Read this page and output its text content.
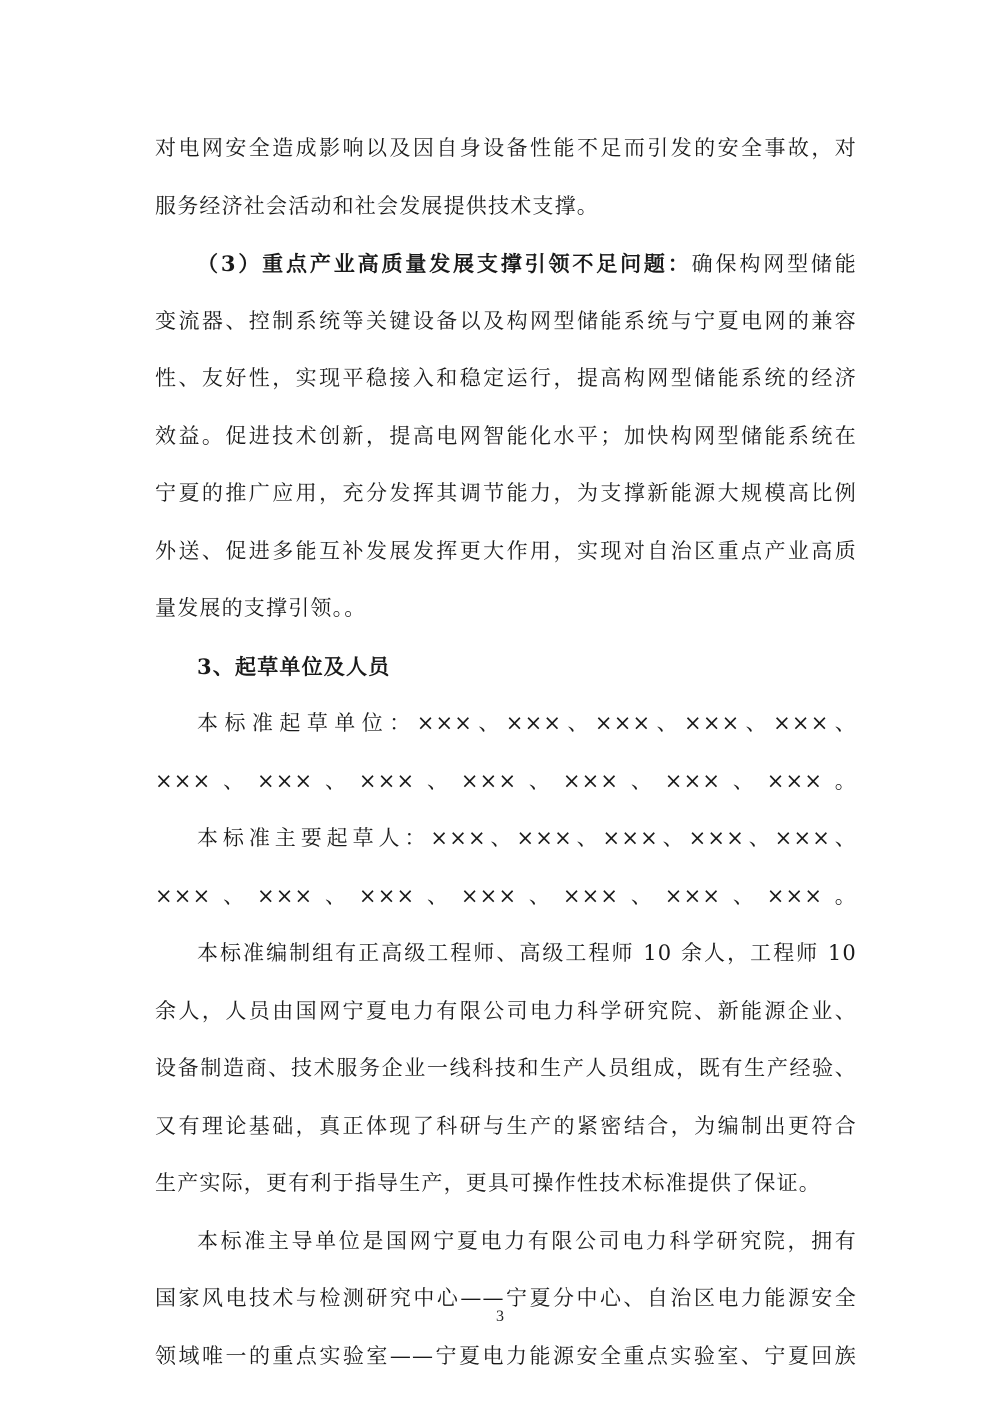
对电网安全造成影响以及因自身设备性能不足而引发的安全事故，对
服务经济社会活动和社会发展提供技术支撑。
（3）重点产业高质量发展支撑引领不足问题：确保构网型储能
变流器、控制系统等关键设备以及构网型储能系统与宁夏电网的兼容
性、友好性，实现平稳接入和稳定运行，提高构网型储能系统的经济
效益。促进技术创新，提高电网智能化水平；加快构网型储能系统在
宁夏的推广应用，充分发挥其调节能力，为支撑新能源大规模高比例
外送、促进多能互补发展发挥更大作用，实现对自治区重点产业高质
量发展的支撑引领。。
3、起草单位及人员
本标准起草单位：×××、×××、×××、×××、×××、
×××、×××、×××、×××、×××、×××、×××。
本标准主要起草人：×××、×××、×××、×××、×××、
×××、×××、×××、×××、×××、×××、×××。
本标准编制组有正高级工程师、高级工程师 10 余人，工程师 10
余人，人员由国网宁夏电力有限公司电力科学研究院、新能源企业、
设备制造商、技术服务企业一线科技和生产人员组成，既有生产经验、
又有理论基础，真正体现了科研与生产的紧密结合，为编制出更符合
生产实际，更有利于指导生产，更具可操作性技术标准提供了保证。
本标准主导单位是国网宁夏电力有限公司电力科学研究院，拥有
国家风电技术与检测研究中心——宁夏分中心、自治区电力能源安全
领域唯一的重点实验室——宁夏电力能源安全重点实验室、宁夏回族
3
